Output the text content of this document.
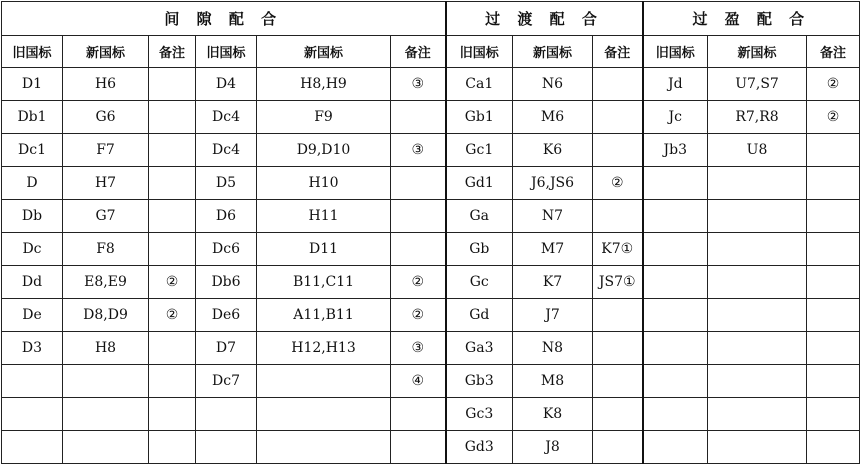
间 隙 配 合						过 渡 配 合			过 盈 配 合		
旧国标	新国标	备注	旧国标	新国标	备注	旧国标	新国标	备注	旧国标	新国标	备注
D1	H6		D4	H8,H9	③	Ca1	N6		Jd	U7,S7	②
Db1	G6		Dc4	F9		Gb1	M6		Jc	R7,R8	②
Dc1	F7		Dc4	D9,D10	③	Gc1	K6		Jb3	U8	
D	H7		D5	H10		Gd1	J6,JS6	②			
Db	G7		D6	H11		Ga	N7				
Dc	F8		Dc6	D11		Gb	M7	K7①			
Dd	E8,E9	②	Db6	B11,C11	②	Gc	K7	JS7①			
De	D8,D9	②	De6	A11,B11	②	Gd	J7				
D3	H8		D7	H12,H13	③	Ga3	N8				
			Dc7		④	Gb3	M8				
						Gc3	K8				
						Gd3	J8				
